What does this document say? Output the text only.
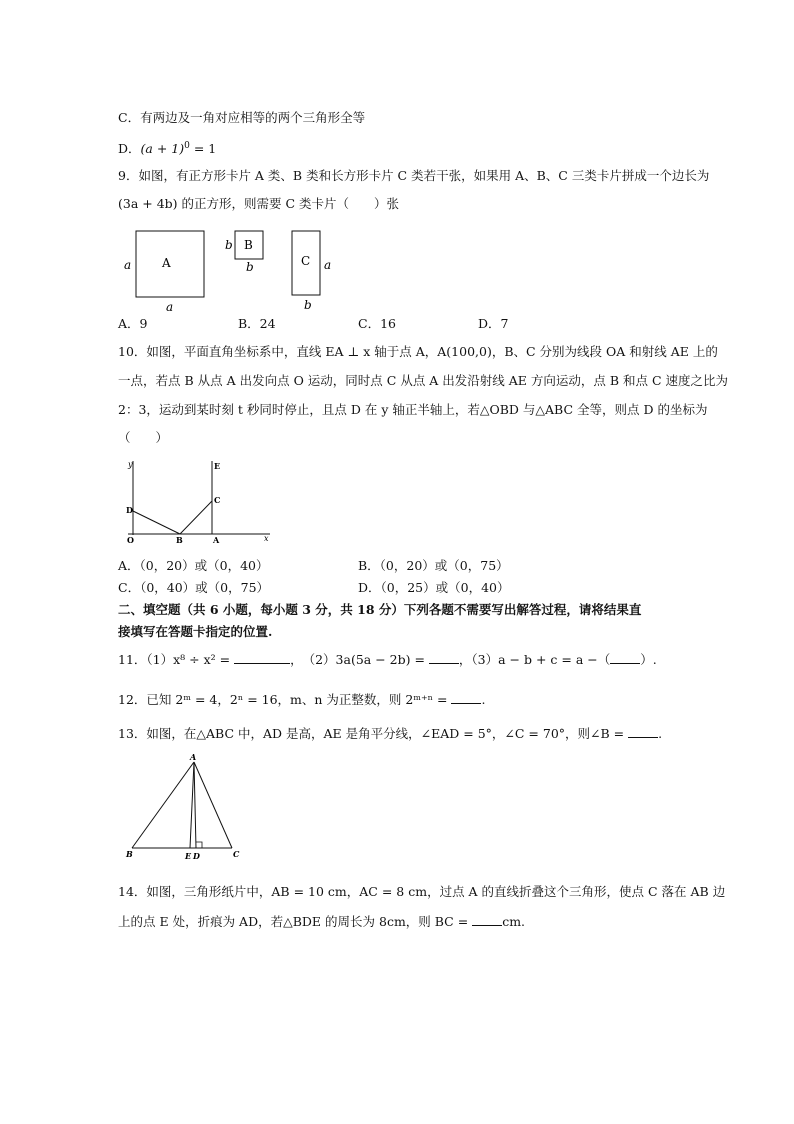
C．有两边及一角对应相等的两个三角形全等
D．$(a + 1)^0 = 1$
9．如图，有正方形卡片 A 类、B 类和长方形卡片 C 类若干张，如果用 A、B、C 三类卡片拼成一个边长为
(3a + 4b) 的正方形，则需要 C 类卡片（　　）张
A
a
a
B
b
b	C a
b
A．9	B．24	C．16	D．7
10．如图，平面直角坐标系中，直线 EA ⊥ x 轴于点 A，A(100,0)，B、C 分别为线段 OA 和射线 AE 上的
一点，若点 B 从点 A 出发向点 O 运动，同时点 C 从点 A 出发沿射线 AE 方向运动，点 B 和点 C 速度之比为
2：3，运动到某时刻 t 秒同时停止，且点 D 在 y 轴正半轴上，若△OBD 与△ABC 全等，则点 D 的坐标为
（　　）
y
x
E
C
D
O	B	A
A．（0，20）或（0，40）	B．（0，20）或（0，75）
C．（0，40）或（0，75）	D．（0，25）或（0，40）
二、填空题（共 6 小题，每小题 3 分，共 18 分）下列各题不需要写出解答过程，请将结果直
接填写在答题卡指定的位置.
11．（1）x⁸ ÷ x² =	，　（2）3a(5a − 2b) =	，（3）a − b + c = a −（ ）.
12．已知 2ᵐ = 4，2ⁿ = 16，m、n 为正整数，则 2ᵐ⁺ⁿ =	.
13．如图，在△ABC 中，AD 是高，AE 是角平分线，∠EAD = 5°，∠C = 70°，则∠B =	.
A
B	C
E D
14．如图，三角形纸片中，AB = 10 cm，AC = 8 cm，过点 A 的直线折叠这个三角形，使点 C 落在 AB 边
上的点 E 处，折痕为 AD，若△BDE 的周长为 8cm，则 BC =	cm.
